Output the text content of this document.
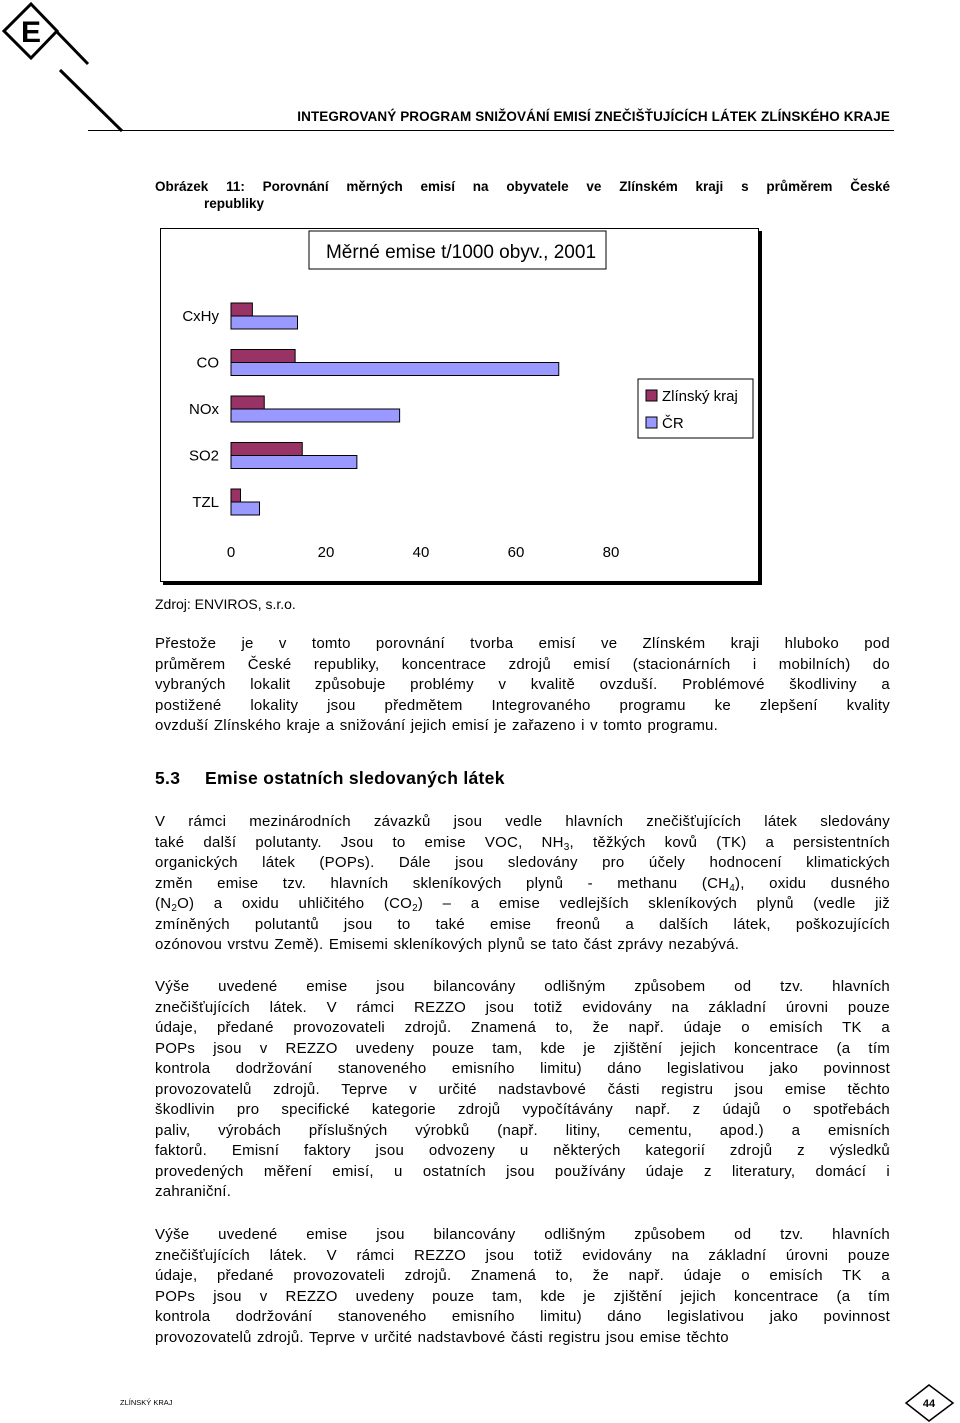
E
INTEGROVANÝ PROGRAM SNIŽOVÁNÍ EMISÍ ZNEČIŠŤUJÍCÍCH LÁTEK ZLÍNSKÉHO KRAJE
Obrázek 11: Porovnání měrných emisí na obyvatele ve Zlínském kraji s průměrem České
republiky
Měrné emise t/1000 obyv., 2001
CxHy
CO
NOx
SO2
TZL
0	20	40	60	80
Zlínský kraj
ČR
Zdroj: ENVIROS, s.r.o.
Přestože je v tomto porovnání tvorba emisí ve Zlínském kraji hluboko pod
průměrem České republiky, koncentrace zdrojů emisí (stacionárních i mobilních) do
vybraných lokalit způsobuje problémy v kvalitě ovzduší. Problémové škodliviny a
postižené lokality jsou předmětem Integrovaného programu ke zlepšení kvality
ovzduší Zlínského kraje a snižování jejich emisí je zařazeno i v tomto programu.
5.3 Emise ostatních sledovaných látek
V rámci mezinárodních závazků jsou vedle hlavních znečišťujících látek sledovány
také další polutanty. Jsou to emise VOC, $NH_3$, těžkých kovů (TK) a persistentních
organických látek (POPs). Dále jsou sledovány pro účely hodnocení klimatických
změn emise tzv. hlavních skleníkových plynů - methanu $(CH_4)$, oxidu dusného
$(N_2O)$ a oxidu uhličitého $(CO_2)$ – a emise vedlejších skleníkových plynů (vedle již
zmíněných polutantů jsou to také emise freonů a dalších látek, poškozujících
ozónovou vrstvu Země). Emisemi skleníkových plynů se tato část zprávy nezabývá.
Výše uvedené emise jsou bilancovány odlišným způsobem od tzv. hlavních
znečišťujících látek. V rámci REZZO jsou totiž evidovány na základní úrovni pouze
údaje, předané provozovateli zdrojů. Znamená to, že např. údaje o emisích TK a
POPs jsou v REZZO uvedeny pouze tam, kde je zjištění jejich koncentrace (a tím
kontrola dodržování stanoveného emisního limitu) dáno legislativou jako povinnost
provozovatelů zdrojů. Teprve v určité nadstavbové části registru jsou emise těchto
škodlivin pro specifické kategorie zdrojů vypočítávány např. z údajů o spotřebách
paliv, výrobách příslušných výrobků (např. litiny, cementu, apod.) a emisních
faktorů. Emisní faktory jsou odvozeny u některých kategorií zdrojů z výsledků
provedených měření emisí, u ostatních jsou používány údaje z literatury, domácí i
zahraniční.
Výše uvedené emise jsou bilancovány odlišným způsobem od tzv. hlavních
znečišťujících látek. V rámci REZZO jsou totiž evidovány na základní úrovni pouze
údaje, předané provozovateli zdrojů. Znamená to, že např. údaje o emisích TK a
POPs jsou v REZZO uvedeny pouze tam, kde je zjištění jejich koncentrace (a tím
kontrola dodržování stanoveného emisního limitu) dáno legislativou jako povinnost
provozovatelů zdrojů. Teprve v určité nadstavbové části registru jsou emise těchto
ZLÍNSKÝ KRAJ	44
